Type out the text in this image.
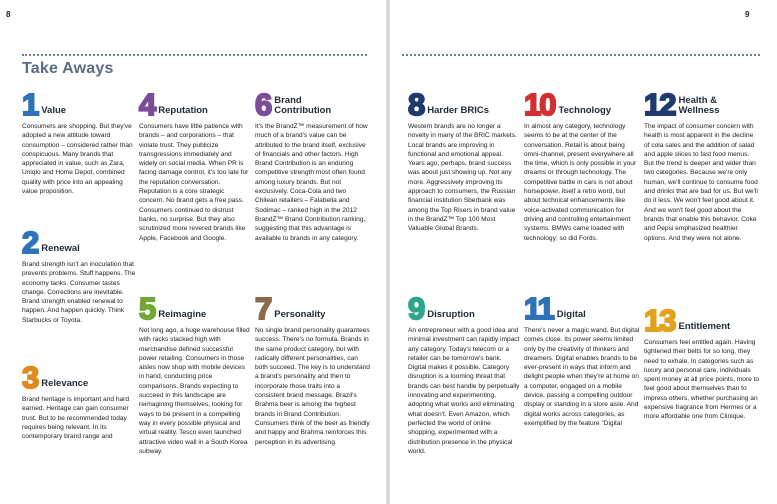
8	9
Take Aways
1 Value
Consumers are shopping. But they've adopted a new attitude toward consumption – considered rather than conspicuous. Many brands that appreciated in value, such as Zara, Uniqlo and Home Depot, combined quality with price into an appealing value proposition.
2 Renewal
Brand strength isn't an inoculation that prevents problems. Stuff happens. The economy tanks. Consumer tastes change. Corrections are inevitable. Brand strength enabled renewal to happen. And happen quickly. Think Starbucks or Toyota.
3 Relevance
Brand heritage is important and hard earned. Heritage can gain consumer trust. But to be recommended today requires being relevant. In its contemporary brand range and
4 Reputation
Consumers have little patience with brands – and corporations – that violate trust. They publicize transgressions immediately and widely on social media. When PR is facing damage control, it's too late for the reputation conversation. Reputation is a core strategic concern. No brand gets a free pass. Consumers continued to distrust banks, no surprise. But they also scrutinized more revered brands like Apple, Facebook and Google.
5 Reimagine
Not long ago, a huge warehouse filled with racks stacked high with merchandise defined successful power retailing. Consumers in those aisles now shop with mobile devices in hand, conducting price comparisons. Brands expecting to succeed in this landscape are reimagining themselves, looking for ways to be present in a compelling way in every possible physical and virtual reality. Tesco even launched attractive video wall in a South Korea subway.
6 Brand Contribution
It's the BrandZ™ measurement of how much of a brand's value can be attributed to the brand itself, exclusive of financials and other factors. High Brand Contribution is an enduring competitive strength most often found among luxury brands. But not exclusively. Coca-Cola and two Chilean retailers – Falabella and Sodimac – ranked high in the 2012 BrandZ™ Brand Contribution ranking, suggesting that this advantage is available to brands in any category.
7 Personality
No single brand personality guarantees success. There's no formula. Brands in the same product category, but with radically different personalities, can both succeed. The key is to understand a brand's personality and then to incorporate those traits into a consistent brand message. Brazil's Brahma beer is among the highest brands in Brand Contribution. Consumers think of the beer as friendly and happy and Brahma reinforces this perception in its advertising.
8 Harder BRICs
Western brands are no longer a novelty in many of the BRIC markets. Local brands are improving in functional and emotional appeal. Years ago, perhaps, brand success was about just showing up. Not any more. Aggressively improving its approach to consumers, the Russian financial institution Sberbank was among the Top Risers in brand value in the BrandZ™ Top 100 Most Valuable Global Brands.
9 Disruption
An entrepreneur with a good idea and minimal investment can rapidly impact any category. Today's telecom or a retailer can be tomorrow's bank. Digital makes it possible. Category disruption is a looming threat that brands can best handle by perpetually innovating and experimenting, adopting what works and eliminating what doesn't. Even Amazon, which perfected the world of online shopping, experimented with a distribution presence in the physical world.
10 Technology
In almost any category, technology seems to be at the center of the conversation. Retail is about being omni-channel, present everywhere all the time, which is only possible in your dreams or through technology. The competitive battle in cars is not about horsepower, itself a retro word, but about technical enhancements like voice-activated communication for driving and controlling entertainment systems. BMWs came loaded with technology; so did Fords.
11 Digital
There's never a magic wand. But digital comes close. Its power seems limited only by the creativity of thinkers and dreamers. Digital enables brands to be ever-present in ways that inform and delight people when they're at home on a computer, engaged on a mobile device, passing a compelling outdoor display or standing in a store aisle. And digital works across categories, as exemplified by the feature "Digital
12 Health & Wellness
The impact of consumer concern with health is most apparent in the decline of cola sales and the addition of salad and apple slices to fast food menus. But the trend is deeper and wider than two categories. Because we're only human, we'll continue to consume food and drinks that are bad for us. But we'll do it less. We won't feel good about it. And we won't feel good about the brands that enable this behavior. Coke and Pepsi emphasized healthier options. And they were not alone.
13 Entitlement
Consumers feel entitled again. Having tightened their belts for so long, they need to exhale. In categories such as luxury and personal care, individuals spent money at all price points, more to feel good about themselves than to impress others, whether purchasing an expensive fragrance from Hermes or a more affordable one from Clinique.
